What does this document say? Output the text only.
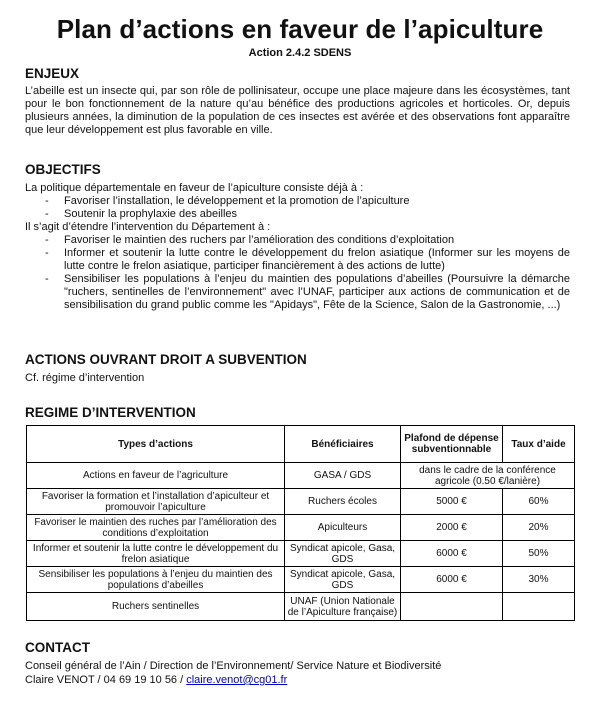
Plan d’actions en faveur de l’apiculture
Action 2.4.2 SDENS
ENJEUX

L’abeille est un insecte qui, par son rôle de pollinisateur, occupe une place majeure dans les écosystèmes, tant pour le bon fonctionnement de la nature qu’au bénéfice des productions agricoles et horticoles. Or, depuis plusieurs années, la diminution de la population de ces insectes est avérée et des observations font apparaître que leur développement est plus favorable en ville.

OBJECTIFS
La politique départementale en faveur de l’apiculture consiste déjà à :
- Favoriser l’installation, le développement et la promotion de l’apiculture
- Soutenir la prophylaxie des abeilles
Il s’agit d’étendre l’intervention du Département à :
- Favoriser le maintien des ruchers par l’amélioration des conditions d’exploitation
- Informer et soutenir la lutte contre le développement du frelon asiatique (Informer sur les moyens de lutte contre le frelon asiatique, participer financièrement à des actions de lutte)
- Sensibiliser les populations à l’enjeu du maintien des populations d’abeilles (Poursuivre la démarche "ruchers, sentinelles de l’environnement" avec l’UNAF, participer aux actions de communication et de sensibilisation du grand public comme les "Apidays", Fête de la Science, Salon de la Gastronomie, ...)
ACTIONS OUVRANT DROIT A SUBVENTION
Cf. régime d’intervention
REGIME D’INTERVENTION
Types d’actions	Bénéficiaires	Plafond de dépense subventionnable	Taux d’aide
Actions en faveur de l’agriculture	GASA / GDS	dans le cadre de la conférence agricole (0.50 €/lanière)	
Favoriser la formation et l’installation d’apiculteur et promouvoir l’apiculture	Ruchers écoles	5000 €	60%
Favoriser le maintien des ruches par l’amélioration des conditions d’exploitation	Apiculteurs	2000 €	20%
Informer et soutenir la lutte contre le développement du frelon asiatique	Syndicat apicole, Gasa, GDS	6000 €	50%
Sensibiliser les populations à l’enjeu du maintien des populations d’abeilles	Syndicat apicole, Gasa, GDS	6000 €	30%
Ruchers sentinelles	UNAF (Union Nationale de l’Apiculture française)		
CONTACT
Conseil général de l’Ain / Direction de l’Environnement/ Service Nature et Biodiversité
Claire VENOT / 04 69 19 10 56 / claire.venot@cg01.fr
